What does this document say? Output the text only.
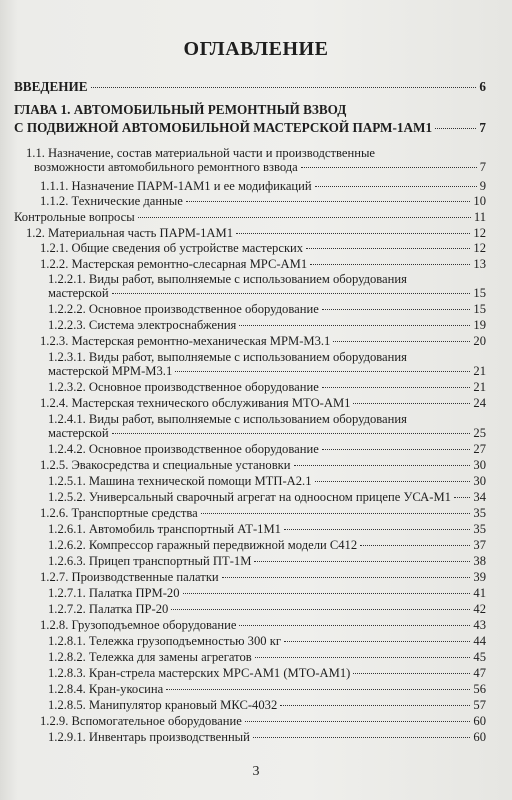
ОГЛАВЛЕНИЕ
ВВЕДЕНИЕ	6
ГЛАВА 1. АВТОМОБИЛЬНЫЙ РЕМОНТНЫЙ ВЗВОД
С ПОДВИЖНОЙ АВТОМОБИЛЬНОЙ МАСТЕРСКОЙ ПАРМ-1АМ1	7
1.1. Назначение, состав материальной части и производственные
возможности автомобильного ремонтного взвода	7
1.1.1. Назначение ПАРМ-1АМ1 и ее модификаций	9
1.1.2. Технические данные	10
Контрольные вопросы	11
1.2. Материальная часть ПАРМ-1АМ1	12
1.2.1. Общие сведения об устройстве мастерских	12
1.2.2. Мастерская ремонтно-слесарная МРС-АМ1	13
1.2.2.1. Виды работ, выполняемые с использованием оборудования
мастерской	15
1.2.2.2. Основное производственное оборудование	15
1.2.2.3. Система электроснабжения	19
1.2.3. Мастерская ремонтно-механическая МРМ-М3.1	20
1.2.3.1. Виды работ, выполняемые с использованием оборудования
мастерской МРМ-М3.1	21
1.2.3.2. Основное производственное оборудование	21
1.2.4. Мастерская технического обслуживания МТО-АМ1	24
1.2.4.1. Виды работ, выполняемые с использованием оборудования
мастерской	25
1.2.4.2. Основное производственное оборудование	27
1.2.5. Эвакосредства и специальные установки	30
1.2.5.1. Машина технической помощи МТП-А2.1	30
1.2.5.2. Универсальный сварочный агрегат на одноосном прицепе УСА-М1 34
1.2.6. Транспортные средства	35
1.2.6.1. Автомобиль транспортный АТ-1М1	35
1.2.6.2. Компрессор гаражный передвижной модели С412	37
1.2.6.3. Прицеп транспортный ПТ-1М	38
1.2.7. Производственные палатки	39
1.2.7.1. Палатка ПРМ-20	41
1.2.7.2. Палатка ПР-20	42
1.2.8. Грузоподъемное оборудование	43
1.2.8.1. Тележка грузоподъемностью 300 кг	44
1.2.8.2. Тележка для замены агрегатов	45
1.2.8.3. Кран-стрела мастерских МРС-АМ1 (МТО-АМ1)	47
1.2.8.4. Кран-укосина	56
1.2.8.5. Манипулятор крановый МКС-4032	57
1.2.9. Вспомогательное оборудование	60
1.2.9.1. Инвентарь производственный	60
3
